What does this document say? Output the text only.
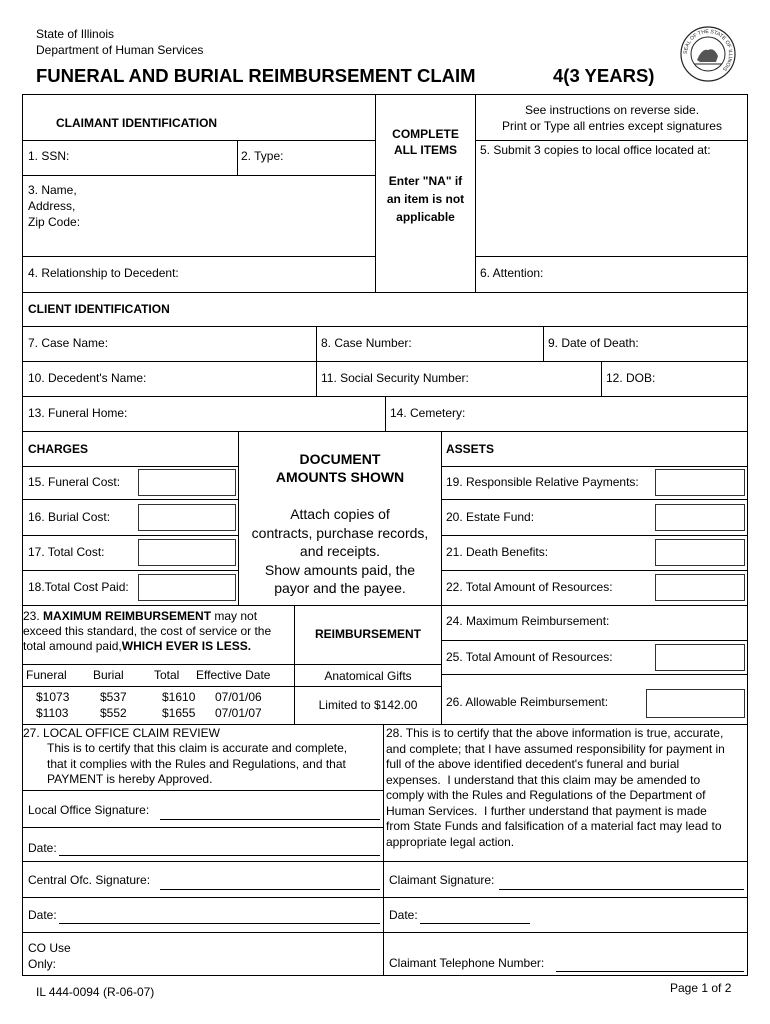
State of Illinois
Department of Human Services
FUNERAL AND BURIAL REIMBURSEMENT CLAIM	4(3 YEARS)
SEAL OF THE STATE OF ILLINOIS
CLAIMANT IDENTIFICATION
COMPLETE
ALL ITEMS
Enter "NA" if
an item is not
applicable
See instructions on reverse side.
Print or Type all entries except signatures
1. SSN:	2. Type:
3. Name,
Address,
Zip Code:
4. Relationship to Decedent:
5. Submit 3 copies to local office located at:
6. Attention:
CLIENT IDENTIFICATION
7. Case Name:	8. Case Number:	9. Date of Death:
10. Decedent's Name:	11. Social Security Number:	12. DOB:
13. Funeral Home:	14. Cemetery:
CHARGES
15. Funeral Cost:
16. Burial Cost:
17. Total Cost:
18.Total Cost Paid:
DOCUMENT
AMOUNTS SHOWN
Attach copies of
contracts, purchase records,
and receipts.
Show amounts paid, the
payor and the payee.
ASSETS
19. Responsible Relative Payments:
20. Estate Fund:
21. Death Benefits:
22. Total Amount of Resources:
23. MAXIMUM REIMBURSEMENT may not
exceed this standard, the cost of service or the
total amound paid,WHICH EVER IS LESS.
Funeral Burial	Total Effective Date
$1073	$537	$1610 07/01/06
$1103	$552	$1655 07/01/07
REIMBURSEMENT
Anatomical Gifts
Limited to $142.00
24. Maximum Reimbursement:
25. Total Amount of Resources:
26. Allowable Reimbursement:
27. LOCAL OFFICE CLAIM REVIEW
This is to certify that this claim is accurate and complete,
that it complies with the Rules and Regulations, and that
PAYMENT is hereby Approved.
Local Office Signature:
Date:
Central Ofc. Signature:
Date:
CO Use
Only:
28. This is to certify that the above information is true, accurate,
and complete; that I have assumed responsibility for payment in
full of the above identified decedent's funeral and burial
expenses.  I understand that this claim may be amended to
comply with the Rules and Regulations of the Department of
Human Services.  I further understand that payment is made
from State Funds and falsification of a material fact may lead to
appropriate legal action.
Claimant Signature:
Date:
Claimant Telephone Number:
IL 444-0094 (R-06-07)	Page 1 of 2
